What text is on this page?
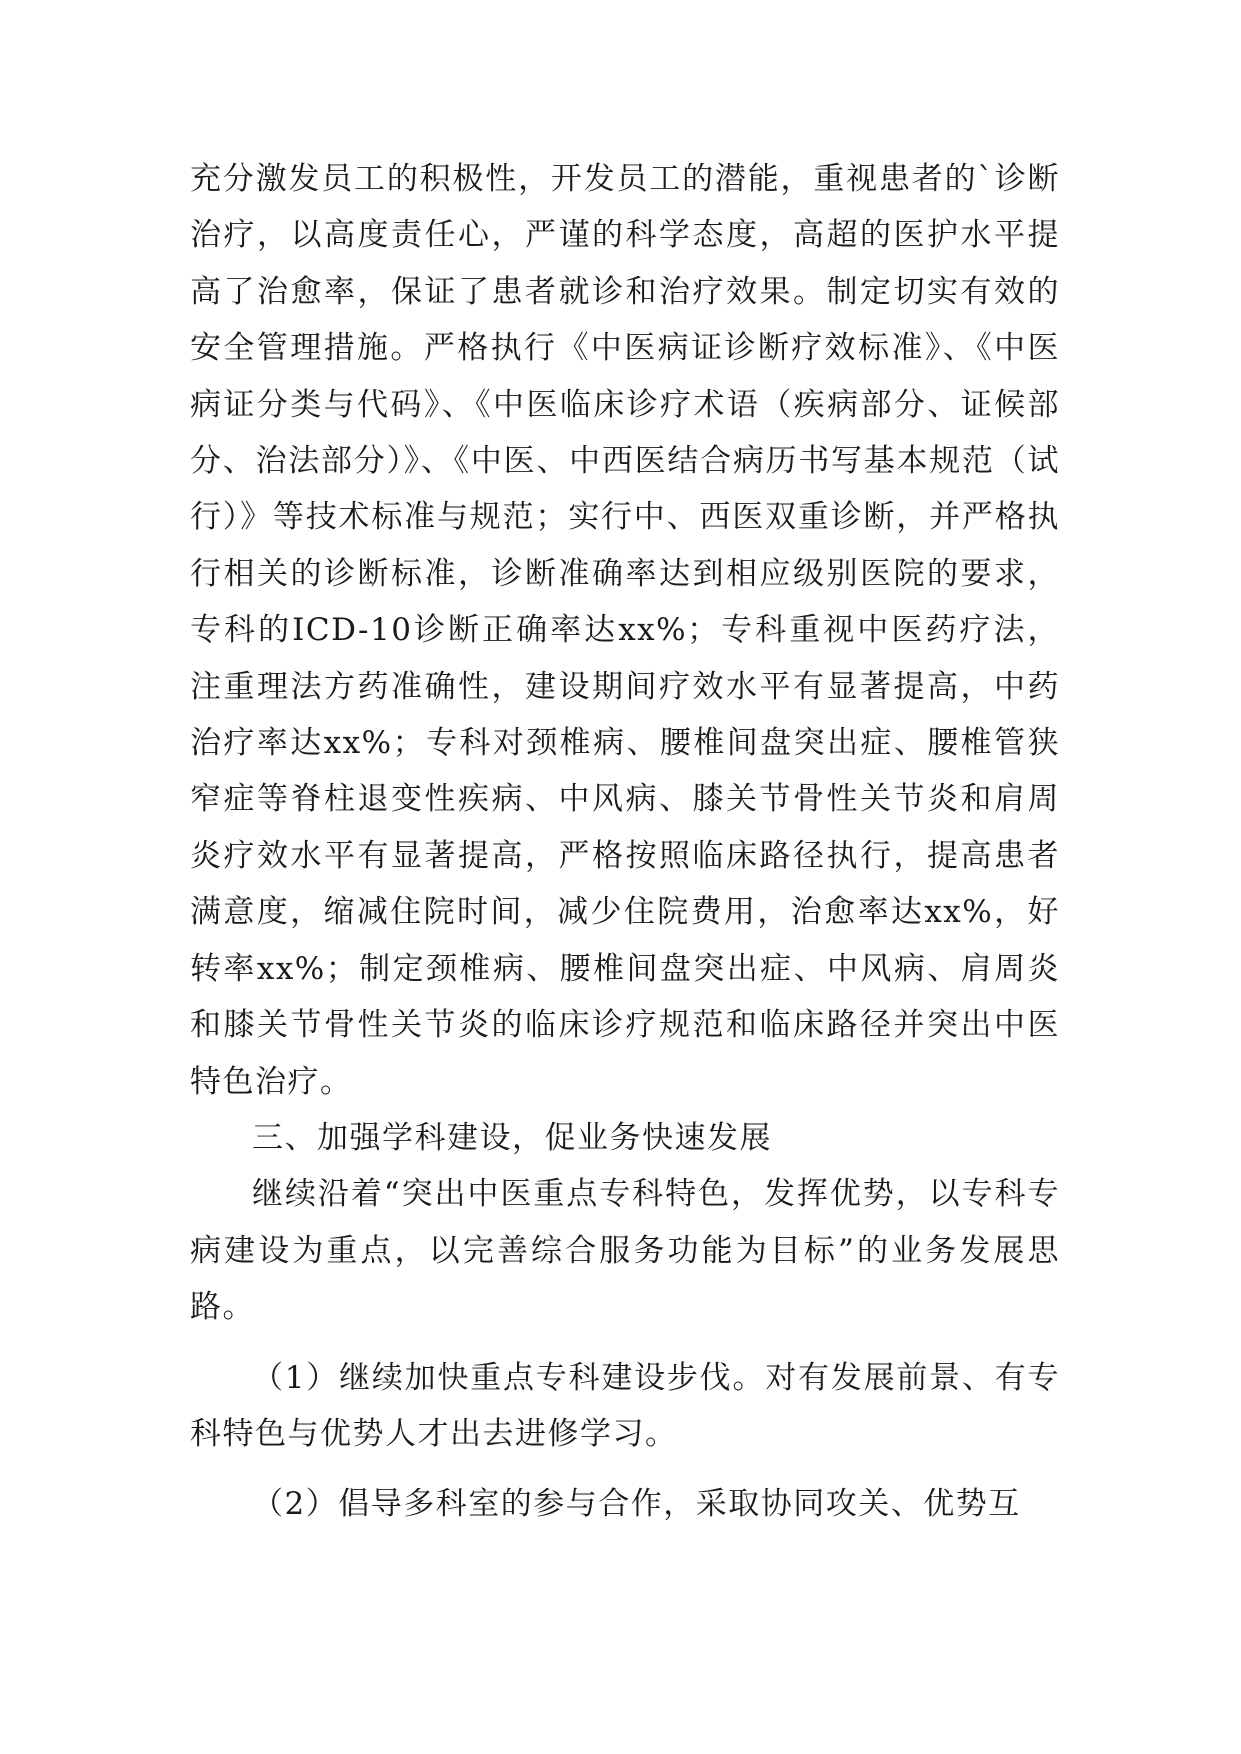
充分激发员工的积极性，开发员工的潜能，重视患者的`诊断治疗，以高度责任心，严谨的科学态度，高超的医护水平提高了治愈率，保证了患者就诊和治疗效果。制定切实有效的安全管理措施。严格执行《中医病证诊断疗效标准》、《中医病证分类与代码》、《中医临床诊疗术语（疾病部分、证候部分、治法部分）》、《中医、中西医结合病历书写基本规范（试行）》等技术标准与规范；实行中、西医双重诊断，并严格执行相关的诊断标准，诊断准确率达到相应级别医院的要求，专科的ICD-10诊断正确率达xx%；专科重视中医药疗法，注重理法方药准确性，建设期间疗效水平有显著提高，中药治疗率达xx%；专科对颈椎病、腰椎间盘突出症、腰椎管狭窄症等脊柱退变性疾病、中风病、膝关节骨性关节炎和肩周炎疗效水平有显著提高，严格按照临床路径执行，提高患者满意度，缩减住院时间，减少住院费用，治愈率达xx%，好转率xx%；制定颈椎病、腰椎间盘突出症、中风病、肩周炎和膝关节骨性关节炎的临床诊疗规范和临床路径并突出中医特色治疗。

三、加强学科建设，促业务快速发展

继续沿着“突出中医重点专科特色，发挥优势，以专科专病建设为重点，以完善综合服务功能为目标”的业务发展思路。

（1）继续加快重点专科建设步伐。对有发展前景、有专科特色与优势人才出去进修学习。

（2）倡导多科室的参与合作，采取协同攻关、优势互
